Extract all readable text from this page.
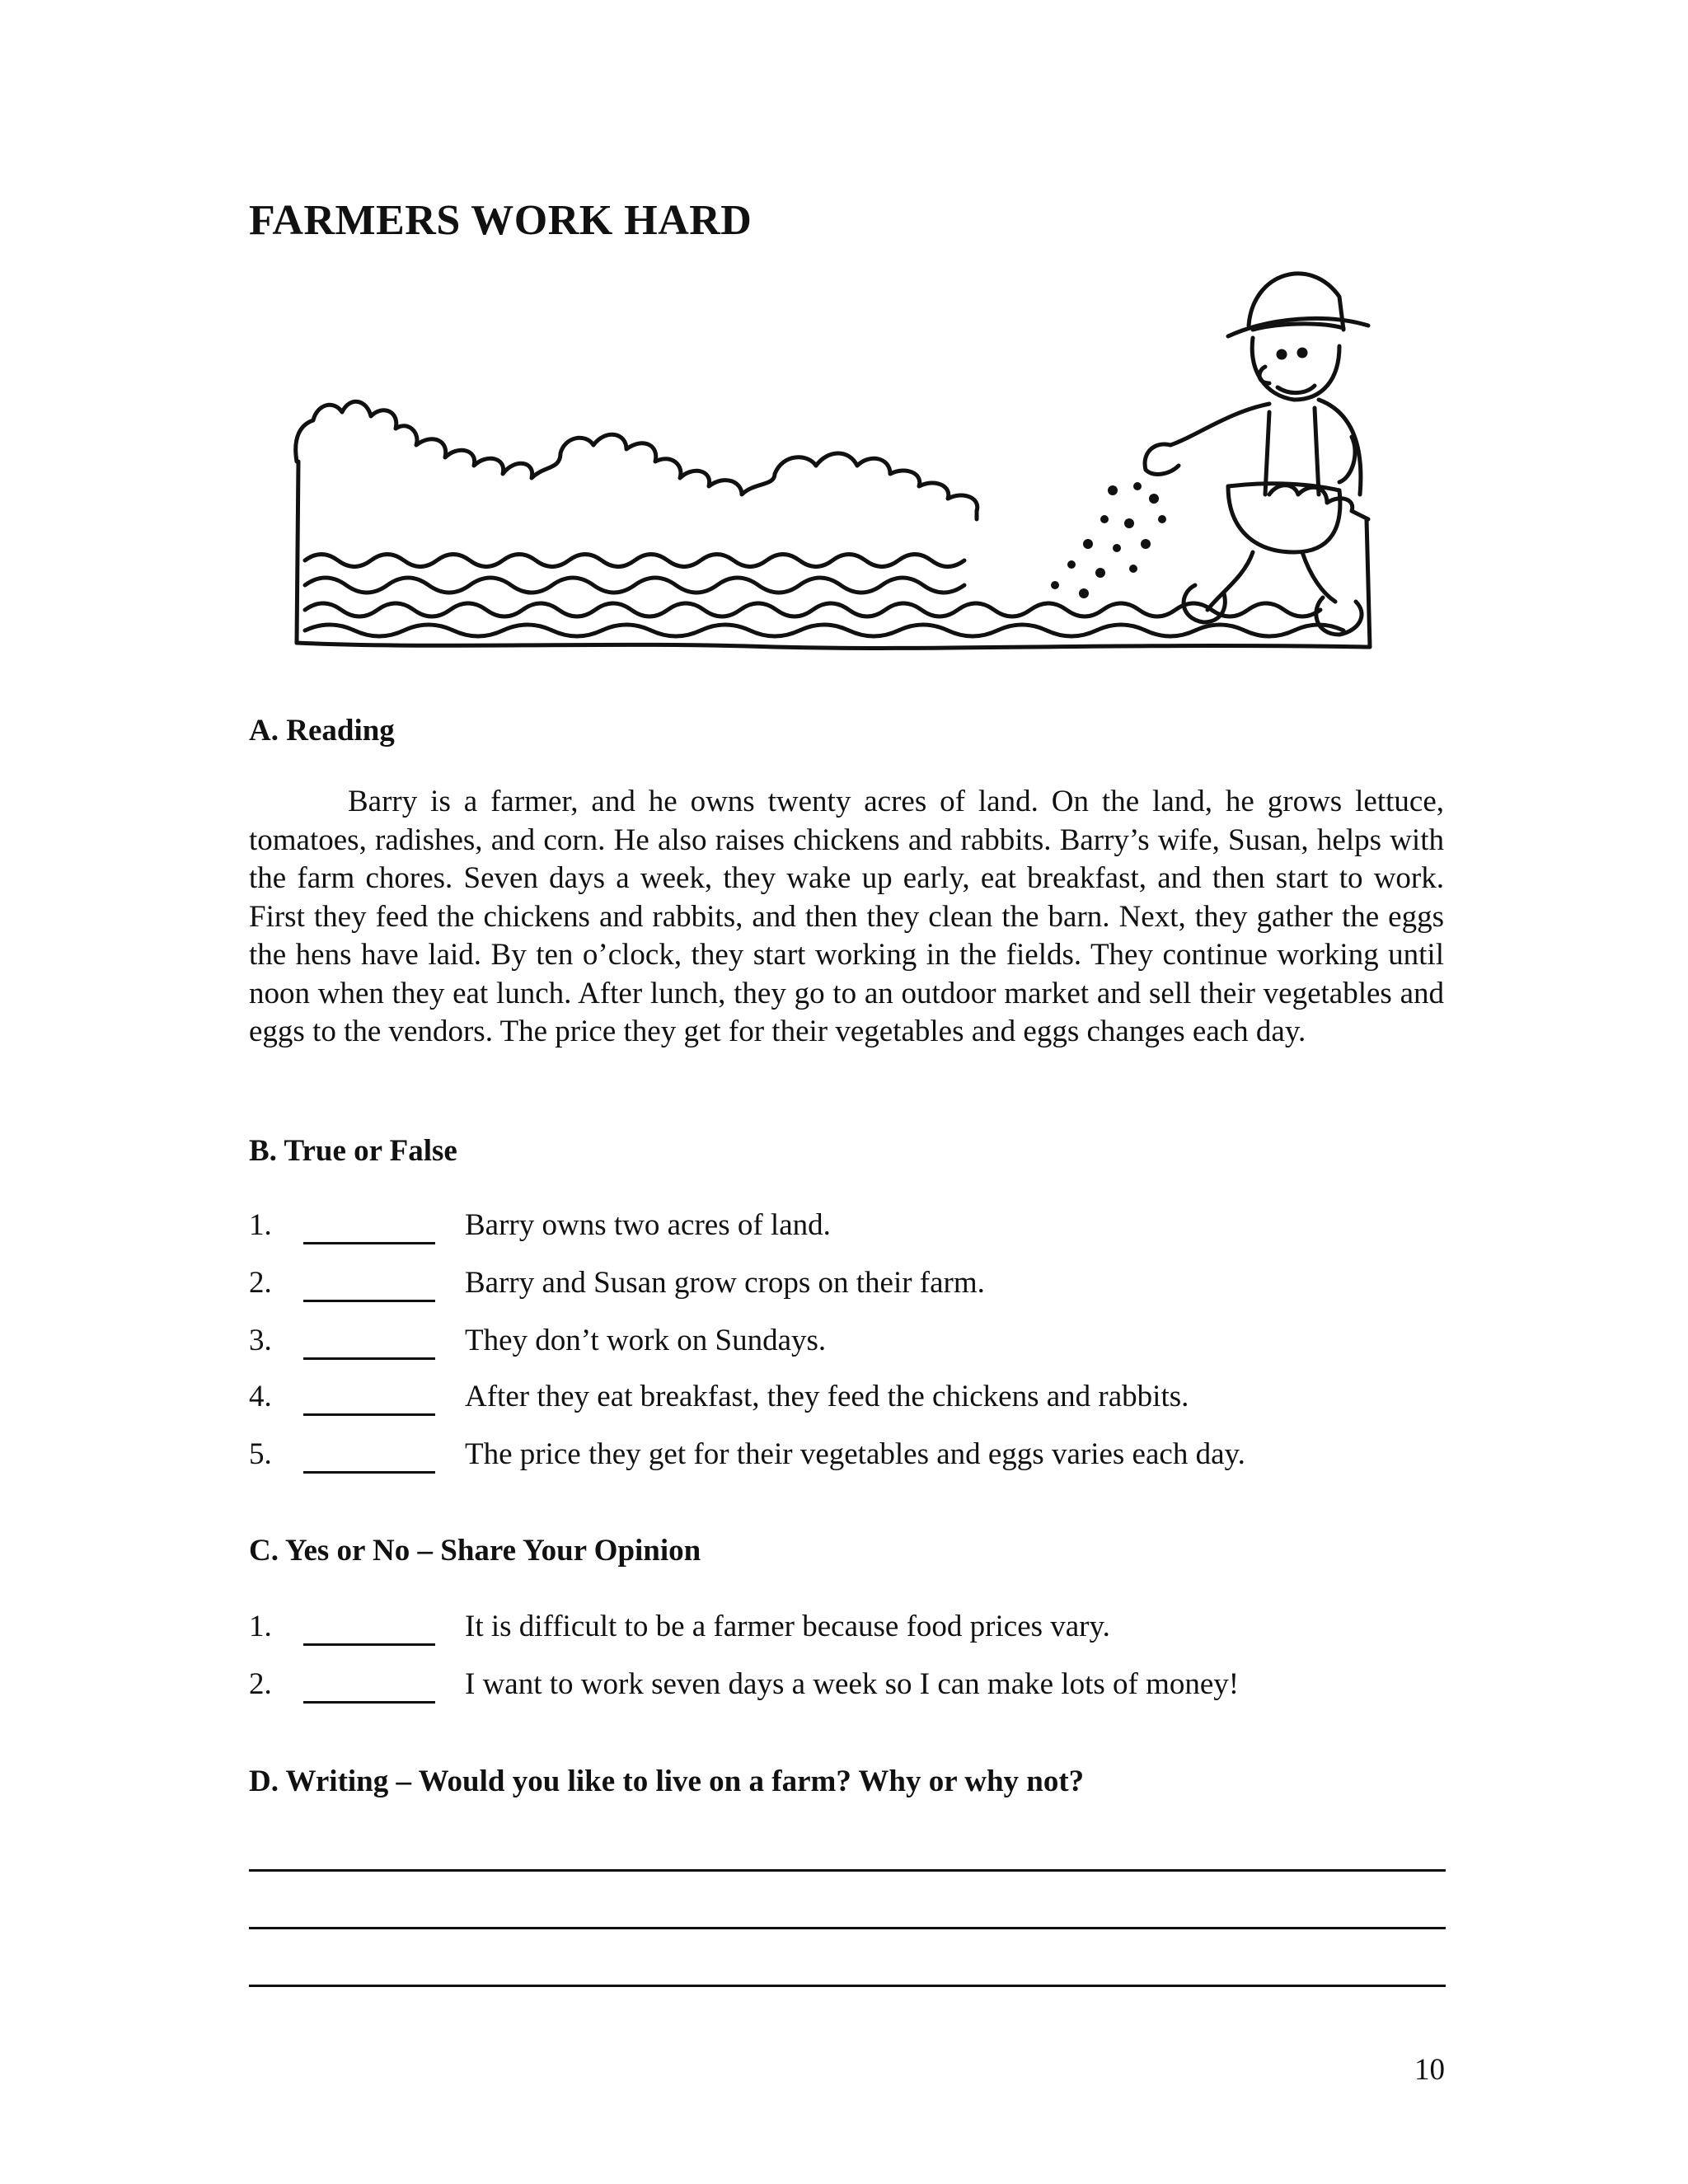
FARMERS WORK HARD
A. Reading

Barry is a farmer, and he owns twenty acres of land. On the land, he grows lettuce, tomatoes, radishes, and corn. He also raises chickens and rabbits. Barry’s wife, Susan, helps with the farm chores. Seven days a week, they wake up early, eat breakfast, and then start to work. First they feed the chickens and rabbits, and then they clean the barn. Next, they gather the eggs the hens have laid. By ten o’clock, they start working in the fields. They continue working until noon when they eat lunch. After lunch, they go to an outdoor market and sell their vegetables and eggs to the vendors. The price they get for their vegetables and eggs changes each day.

B. True or False
1.	Barry owns two acres of land.
2.	Barry and Susan grow crops on their farm.
3.	They don’t work on Sundays.
4.	After they eat breakfast, they feed the chickens and rabbits.
5.	The price they get for their vegetables and eggs varies each day.
C. Yes or No – Share Your Opinion
1.	It is difficult to be a farmer because food prices vary.
2.	I want to work seven days a week so I can make lots of money!
D. Writing – Would you like to live on a farm? Why or why not?
10
